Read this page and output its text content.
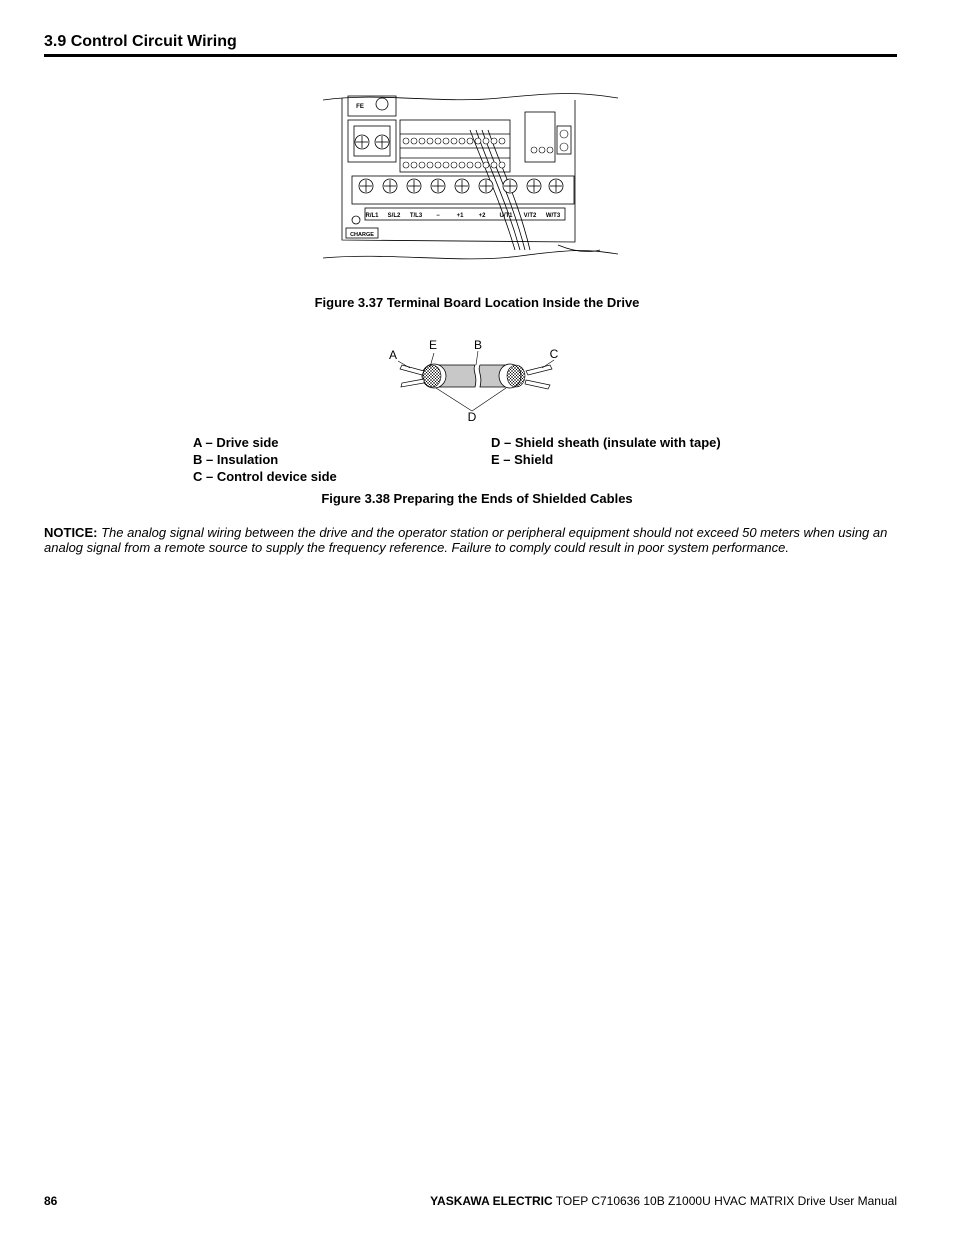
3.9 Control Circuit Wiring
R/L1 S/L2 T/L3 −	+1	+2 U/T1 V/T2 W/T3
CHARGE
FE
Figure 3.37 Terminal Board Location Inside the Drive
A
E	B
C
D
A – Drive side
B – Insulation
C – Control device side
D – Shield sheath (insulate with tape)
E – Shield
Figure 3.38 Preparing the Ends of Shielded Cables

NOTICE: The analog signal wiring between the drive and the operator station or peripheral equipment should not exceed 50 meters when using an analog signal from a remote source to supply the frequency reference. Failure to comply could result in poor system performance.

86	YASKAWA ELECTRIC TOEP C710636 10B Z1000U HVAC MATRIX Drive User Manual
